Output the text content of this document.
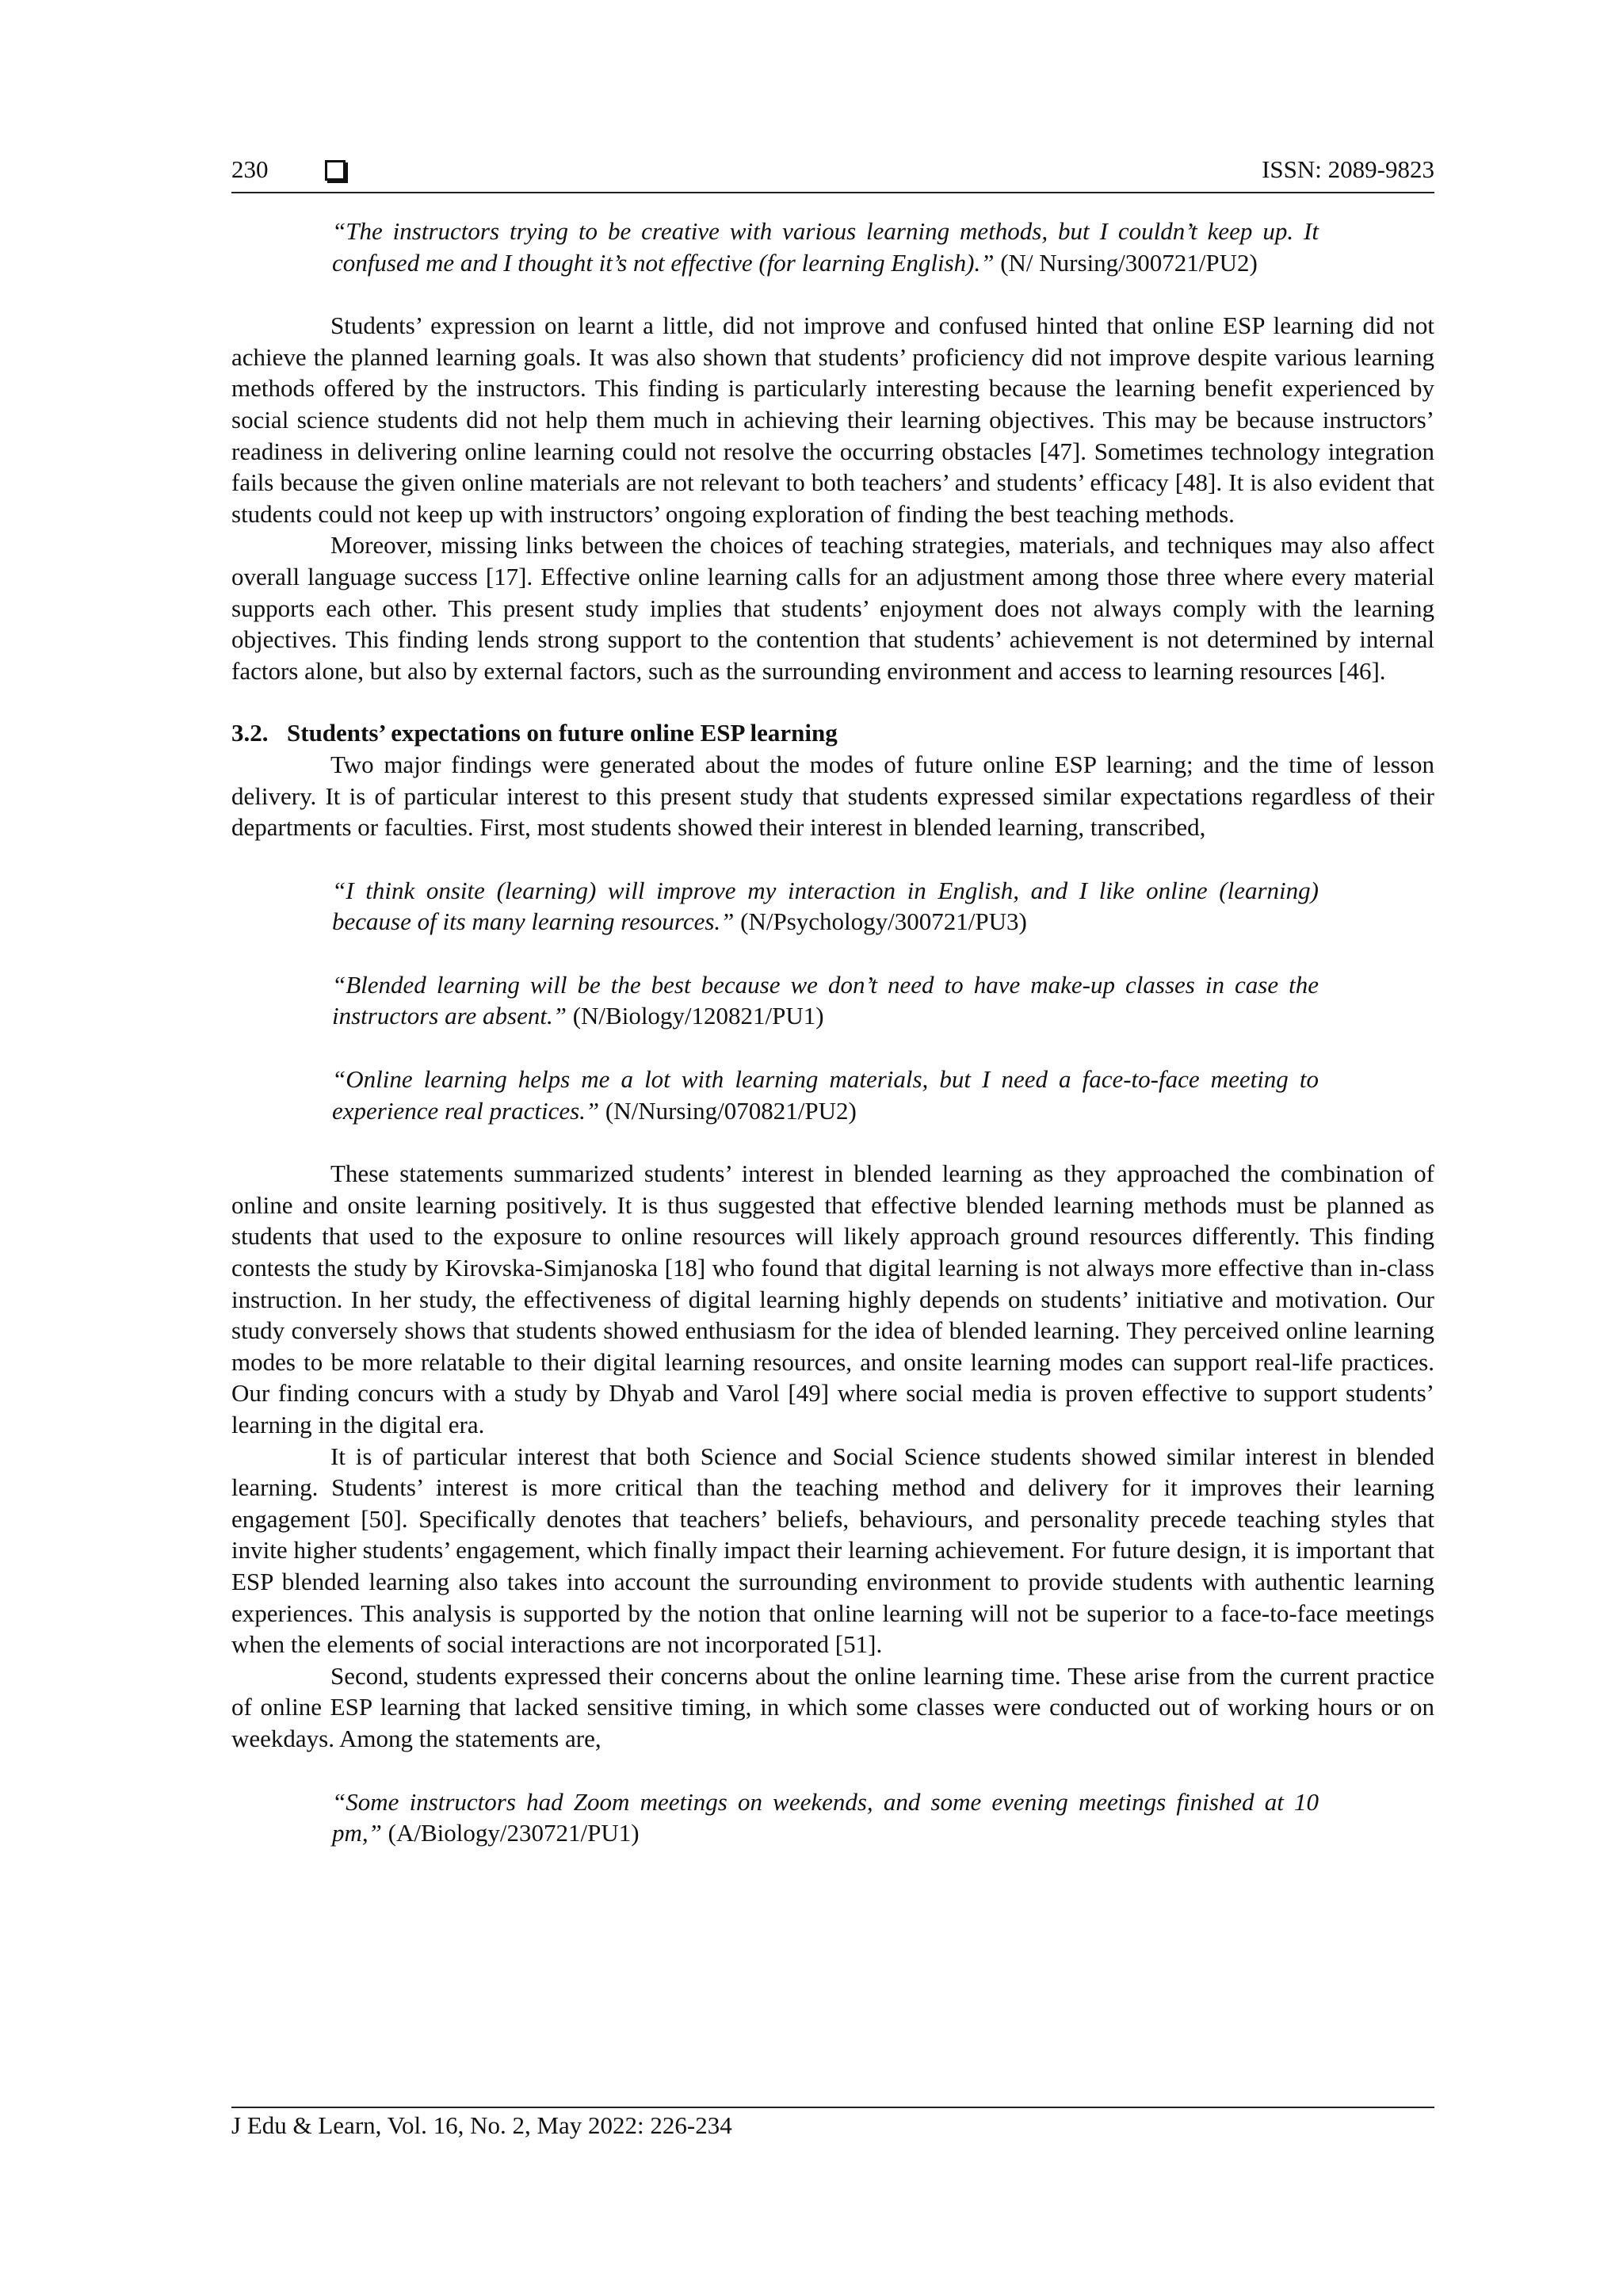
230	ISSN: 2089-9823

“The instructors trying to be creative with various learning methods, but I couldn’t keep up. It confused me and I thought it’s not effective (for learning English).” (N/ Nursing/300721/PU2)

Students’ expression on learnt a little, did not improve and confused hinted that online ESP learning did not achieve the planned learning goals. It was also shown that students’ proficiency did not improve despite various learning methods offered by the instructors. This finding is particularly interesting because the learning benefit experienced by social science students did not help them much in achieving their learning objectives. This may be because instructors’ readiness in delivering online learning could not resolve the occurring obstacles [47]. Sometimes technology integration fails because the given online materials are not relevant to both teachers’ and students’ efficacy [48]. It is also evident that students could not keep up with instructors’ ongoing exploration of finding the best teaching methods.

Moreover, missing links between the choices of teaching strategies, materials, and techniques may also affect overall language success [17]. Effective online learning calls for an adjustment among those three where every material supports each other. This present study implies that students’ enjoyment does not always comply with the learning objectives. This finding lends strong support to the contention that students’ achievement is not determined by internal factors alone, but also by external factors, such as the surrounding environment and access to learning resources [46].

3.2. Students’ expectations on future online ESP learning

Two major findings were generated about the modes of future online ESP learning; and the time of lesson delivery. It is of particular interest to this present study that students expressed similar expectations regardless of their departments or faculties. First, most students showed their interest in blended learning, transcribed,

“I think onsite (learning) will improve my interaction in English, and I like online (learning) because of its many learning resources.” (N/Psychology/300721/PU3)

“Blended learning will be the best because we don’t need to have make-up classes in case the instructors are absent.” (N/Biology/120821/PU1)

“Online learning helps me a lot with learning materials, but I need a face-to-face meeting to experience real practices.” (N/Nursing/070821/PU2)

These statements summarized students’ interest in blended learning as they approached the combination of online and onsite learning positively. It is thus suggested that effective blended learning methods must be planned as students that used to the exposure to online resources will likely approach ground resources differently. This finding contests the study by Kirovska-Simjanoska [18] who found that digital learning is not always more effective than in-class instruction. In her study, the effectiveness of digital learning highly depends on students’ initiative and motivation. Our study conversely shows that students showed enthusiasm for the idea of blended learning. They perceived online learning modes to be more relatable to their digital learning resources, and onsite learning modes can support real-life practices. Our finding concurs with a study by Dhyab and Varol [49] where social media is proven effective to support students’ learning in the digital era.

It is of particular interest that both Science and Social Science students showed similar interest in blended learning. Students’ interest is more critical than the teaching method and delivery for it improves their learning engagement [50]. Specifically denotes that teachers’ beliefs, behaviours, and personality precede teaching styles that invite higher students’ engagement, which finally impact their learning achievement. For future design, it is important that ESP blended learning also takes into account the surrounding environment to provide students with authentic learning experiences. This analysis is supported by the notion that online learning will not be superior to a face-to-face meetings when the elements of social interactions are not incorporated [51].

Second, students expressed their concerns about the online learning time. These arise from the current practice of online ESP learning that lacked sensitive timing, in which some classes were conducted out of working hours or on weekdays. Among the statements are,

“Some instructors had Zoom meetings on weekends, and some evening meetings finished at 10 pm,” (A/Biology/230721/PU1)

J Edu & Learn, Vol. 16, No. 2, May 2022: 226-234
